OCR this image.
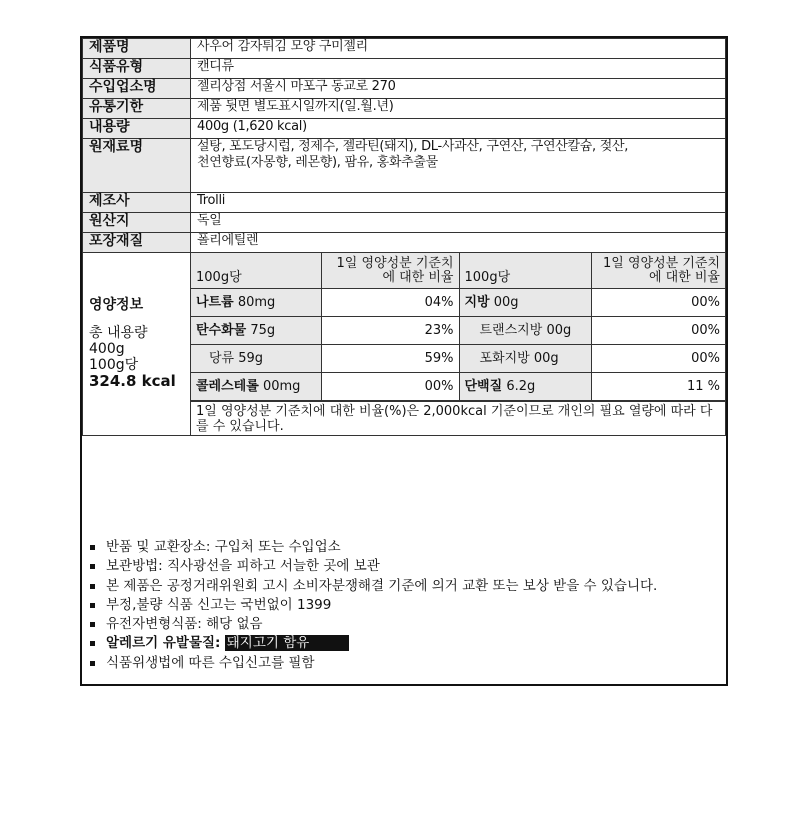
제품명	사우어 감자튀김 모양 구미젤리
식품유형	캔디류
수입업소명	젤리상점 서울시 마포구 동교로 270
유통기한	제품 뒷면 별도표시일까지(일.월.년)
내용량	400g (1,620 kcal)
원재료명	설탕, 포도당시럽, 정제수, 젤라틴(돼지), DL-사과산, 구연산, 구연산칼슘, 젖산, 천연향료(자몽향, 레몬향), 팜유, 홍화추출물
제조사	Trolli
원산지	독일
포장재질	폴리에틸렌

영양정보
총 내용량 400g
100g당
324.8 kcal

100g당	1일 영양성분 기준치에 대한 비율	100g당	1일 영양성분 기준치에 대한 비율
나트륨 80mg	04%	지방 00g	00%
탄수화물 75g	23%	트랜스지방 00g	00%
당류 59g	59%	포화지방 00g	00%
콜레스테롤 00mg	00%	단백질 6.2g	11 %
1일 영양성분 기준치에 대한 비율(%)은 2,000kcal 기준이므로 개인의 필요 열량에 따라 다를 수 있습니다.
반품 및 교환장소: 구입처 또는 수입업소
보관방법: 직사광선을 피하고 서늘한 곳에 보관
본 제품은 공정거래위원회 고시 소비자분쟁해결 기준에 의거 교환 또는 보상 받을 수 있습니다.
부정,불량 식품 신고는 국번없이 1399
유전자변형식품: 해당 없음
알레르기 유발물질: 돼지고기 함유
식품위생법에 따른 수입신고를 필함
